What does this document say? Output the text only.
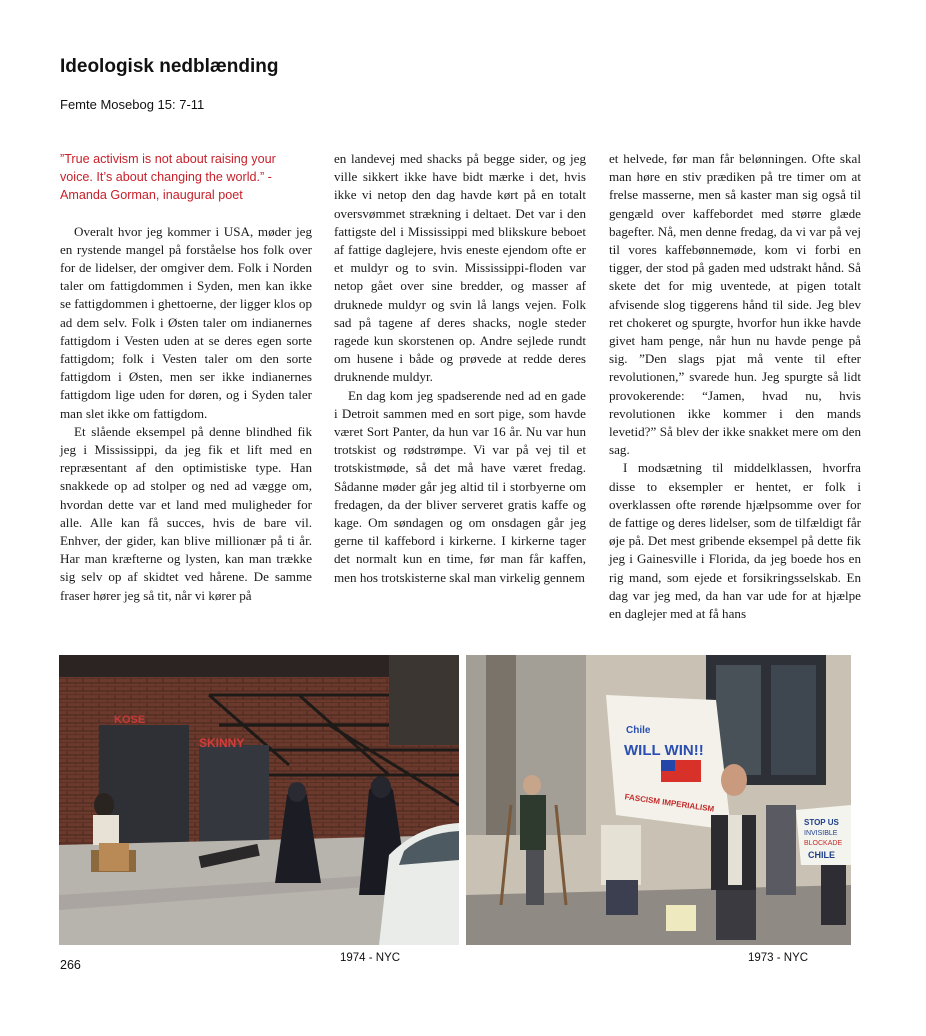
Ideologisk nedblænding
Femte Mosebog 15: 7-11
”True activism is not about raising your voice. It’s about changing the world.” - Amanda Gorman, inaugural poet

Overalt hvor jeg kommer i USA, møder jeg en rystende mangel på forståelse hos folk over for de lidelser, der omgiver dem. Folk i Norden taler om fattigdommen i Syden, men kan ikke se fattigdommen i ghettoerne, der ligger klos op ad dem selv. Folk i Østen taler om indianernes fattigdom i Vesten uden at se deres egen sorte fattigdom; folk i Vesten taler om den sorte fattigdom i Østen, men ser ikke indianernes fattigdom lige uden for døren, og i Syden taler man slet ikke om fattigdom.

Et slående eksempel på denne blindhed fik jeg i Mississippi, da jeg fik et lift med en repræsentant af den optimistiske type. Han snakkede op ad stolper og ned ad vægge om, hvordan dette var et land med muligheder for alle. Alle kan få succes, hvis de bare vil. Enhver, der gider, kan blive millionær på ti år. Har man kræfterne og lysten, kan man trække sig selv op af skidtet ved hårene. De samme fraser hører jeg så tit, når vi kører på

en landevej med shacks på begge sider, og jeg ville sikkert ikke have bidt mærke i det, hvis ikke vi netop den dag havde kørt på en totalt oversvømmet strækning i deltaet. Det var i den fattigste del i Mississippi med blikskure beboet af fattige daglejere, hvis eneste ejendom ofte er et muldyr og to svin. Mississippi-floden var netop gået over sine bredder, og masser af druknede muldyr og svin lå langs vejen. Folk sad på tagene af deres shacks, nogle steder ragede kun skorstenen op. Andre sejlede rundt om husene i både og prøvede at redde deres druknende muldyr.

En dag kom jeg spadserende ned ad en gade i Detroit sammen med en sort pige, som havde været Sort Panter, da hun var 16 år. Nu var hun trotskist og rødstrømpe. Vi var på vej til et trotskistmøde, så det må have været fredag. Sådanne møder går jeg altid til i storbyerne om fredagen, da der bliver serveret gratis kaffe og kage. Om søndagen og om onsdagen går jeg gerne til kaffebord i kirkerne. I kirkerne tager det normalt kun en time, før man får kaffen, men hos trotskisterne skal man virkelig gennem

et helvede, før man får belønningen. Ofte skal man høre en stiv prædiken på tre timer om at frelse masserne, men så kaster man sig også til gengæld over kaffebordet med større glæde bagefter. Nå, men denne fredag, da vi var på vej til vores kaffebønnemøde, kom vi forbi en tigger, der stod på gaden med udstrakt hånd. Så skete det for mig uventede, at pigen totalt afvisende slog tiggerens hånd til side. Jeg blev ret chokeret og spurgte, hvorfor hun ikke havde givet ham penge, når hun nu havde penge på sig. ”Den slags pjat må vente til efter revolutionen,” svarede hun. Jeg spurgte så lidt provokerende: “Jamen, hvad nu, hvis revolutionen ikke kommer i den mands levetid?” Så blev der ikke snakket mere om den sag.

I modsætning til middelklassen, hvorfra disse to eksempler er hentet, er folk i overklassen ofte rørende hjælpsomme over for de fattige og deres lidelser, som de tilfældigt får øje på. Det mest gribende eksempel på dette fik jeg i Gainesville i Florida, da jeg boede hos en rig mand, som ejede et forsikringsselskab. En dag var jeg med, da han var ude for at hjælpe en daglejer med at få hans

KOSE
SKINNY
Chile
WILL WIN!!
FASCISM IMPERIALISM
STOP US
INVISIBLE
BLOCKADE
CHILE
1974 - NYC	1973 - NYC
266
